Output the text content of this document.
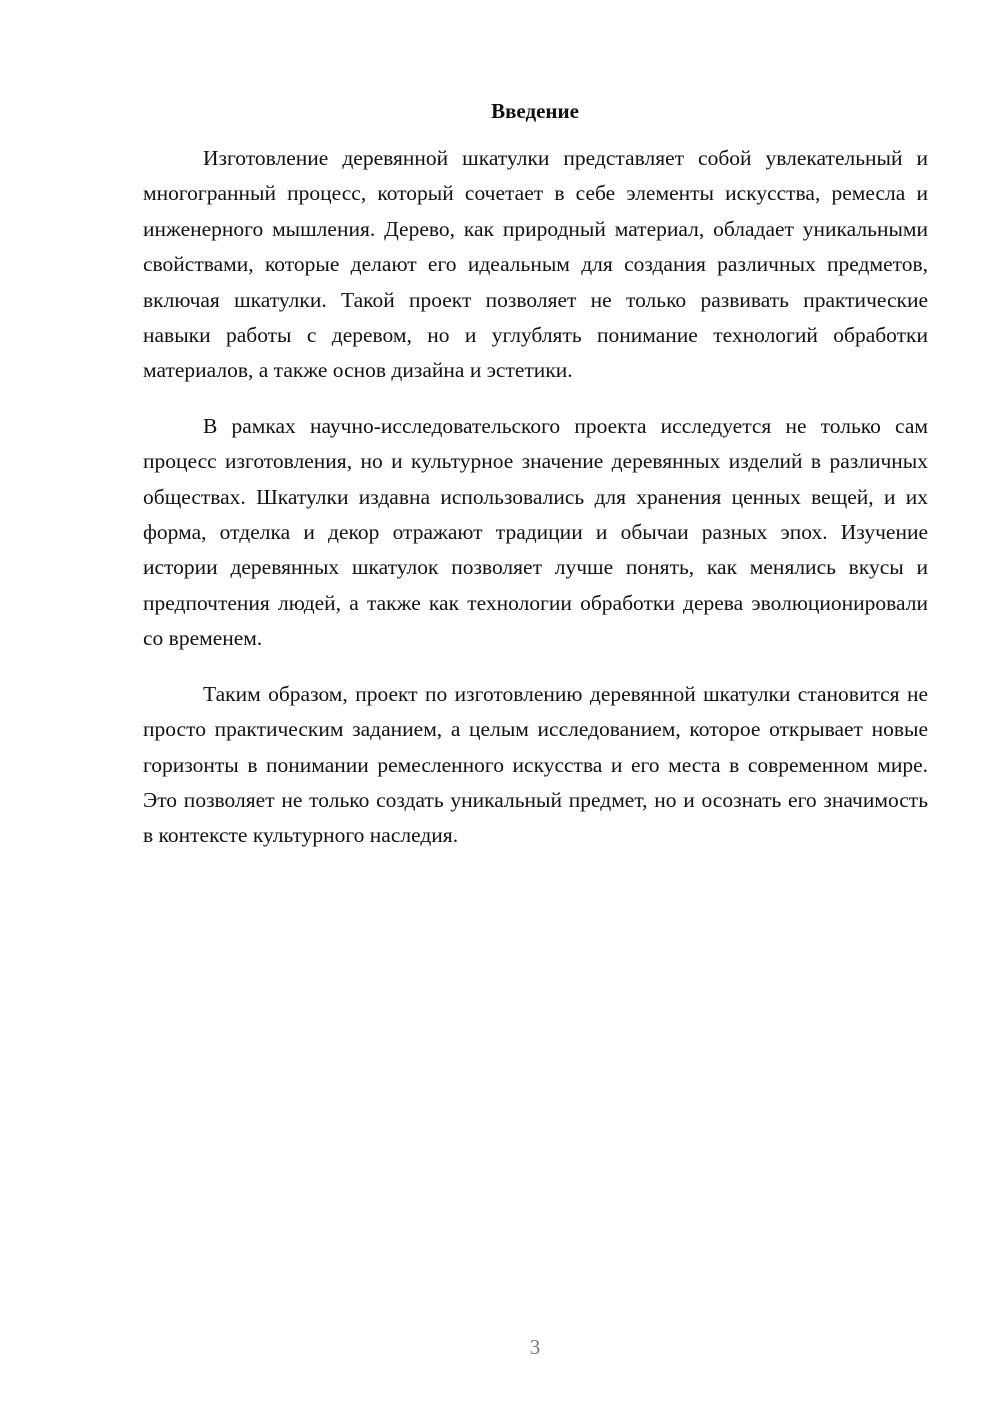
Введение

Изготовление деревянной шкатулки представляет собой увлекательный и многогранный процесс, который сочетает в себе элементы искусства, ремесла и инженерного мышления. Дерево, как природный материал, обладает уникальными свойствами, которые делают его идеальным для создания различных предметов, включая шкатулки. Такой проект позволяет не только развивать практические навыки работы с деревом, но и углублять понимание технологий обработки материалов, а также основ дизайна и эстетики.

В рамках научно-исследовательского проекта исследуется не только сам процесс изготовления, но и культурное значение деревянных изделий в различных обществах. Шкатулки издавна использовались для хранения ценных вещей, и их форма, отделка и декор отражают традиции и обычаи разных эпох. Изучение истории деревянных шкатулок позволяет лучше понять, как менялись вкусы и предпочтения людей, а также как технологии обработки дерева эволюционировали со временем.

Таким образом, проект по изготовлению деревянной шкатулки становится не просто практическим заданием, а целым исследованием, которое открывает новые горизонты в понимании ремесленного искусства и его места в современном мире. Это позволяет не только создать уникальный предмет, но и осознать его значимость в контексте культурного наследия.

3
